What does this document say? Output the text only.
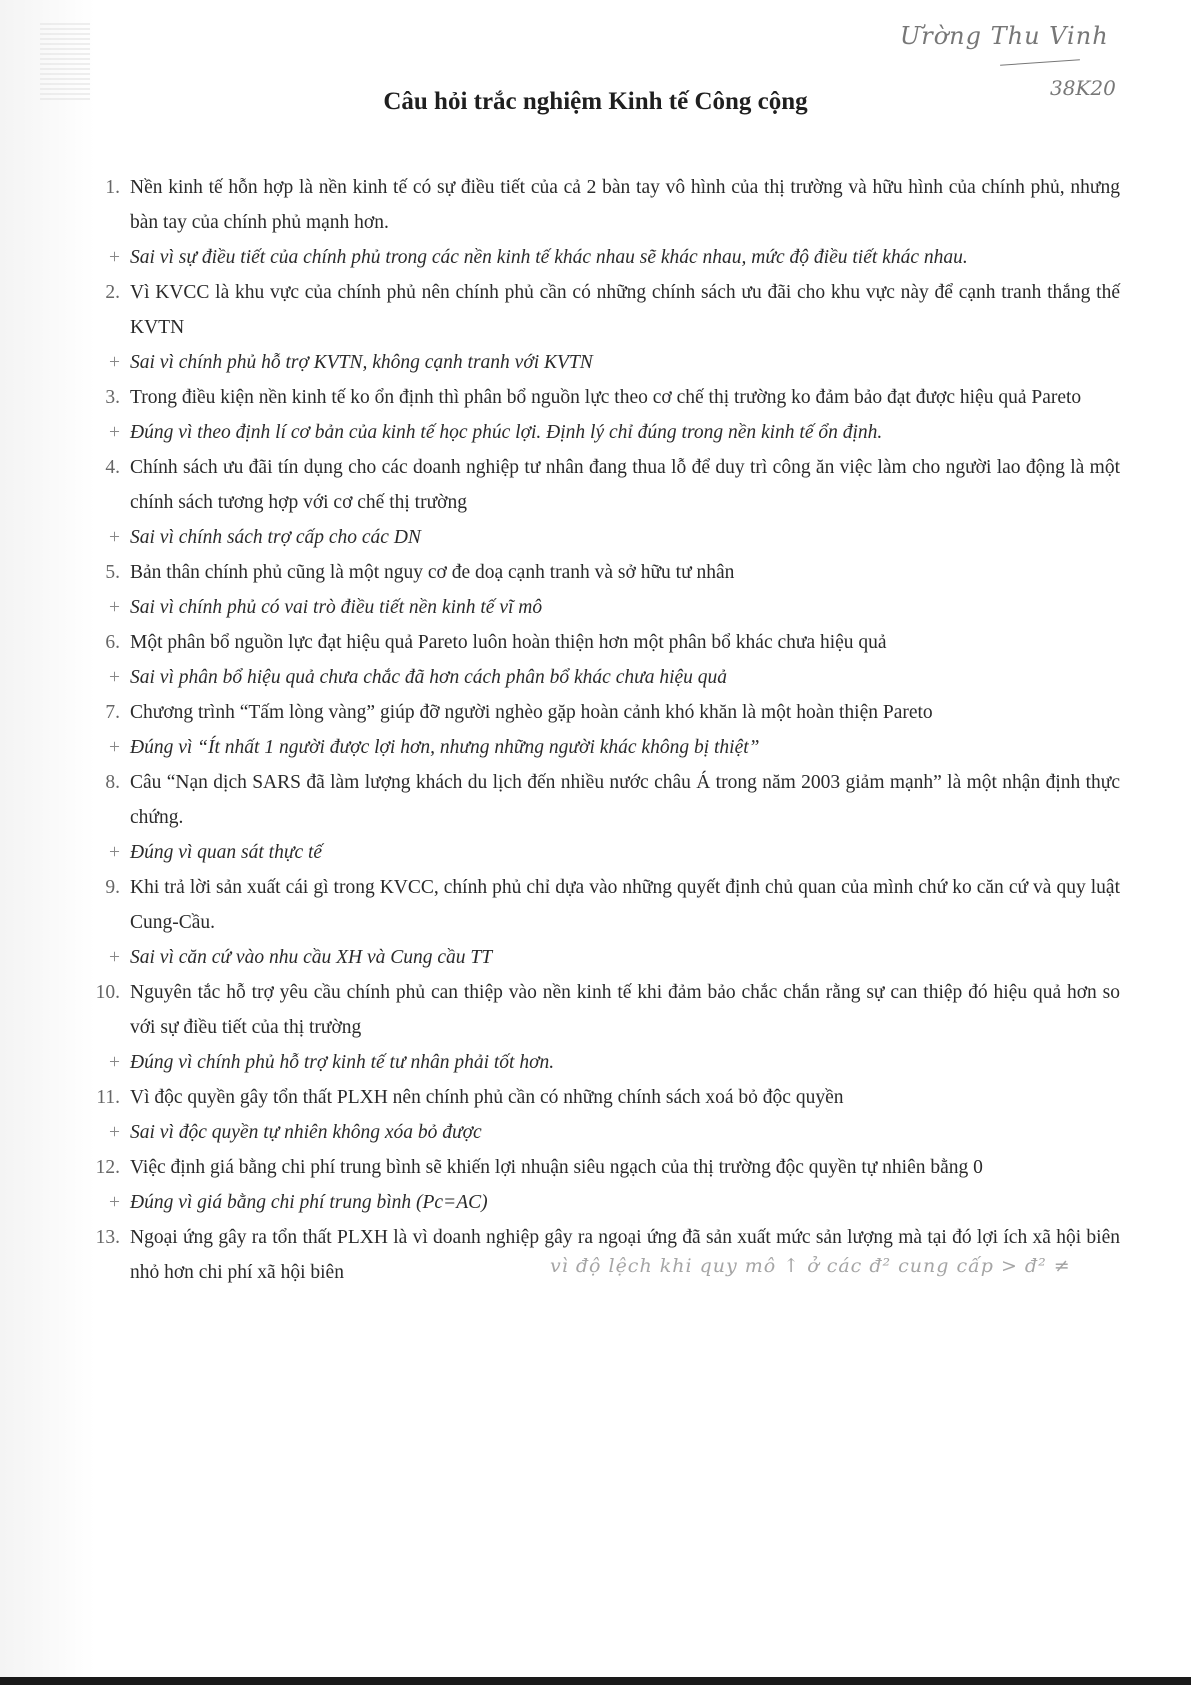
Ưrờng Thu Vinh
38K20
Câu hỏi trắc nghiệm Kinh tế Công cộng
1. Nền kinh tế hỗn hợp là nền kinh tế có sự điều tiết của cả 2 bàn tay vô hình của thị trường và hữu hình của chính phủ, nhưng bàn tay của chính phủ mạnh hơn.
+ Sai vì sự điều tiết của chính phủ trong các nền kinh tế khác nhau sẽ khác nhau, mức độ điều tiết khác nhau.
2. Vì KVCC là khu vực của chính phủ nên chính phủ cần có những chính sách ưu đãi cho khu vực này để cạnh tranh thắng thế KVTN
+ Sai vì chính phủ hỗ trợ KVTN, không cạnh tranh với KVTN
3. Trong điều kiện nền kinh tế ko ổn định thì phân bổ nguồn lực theo cơ chế thị trường ko đảm bảo đạt được hiệu quả Pareto
+ Đúng vì theo định lí cơ bản của kinh tế học phúc lợi. Định lý chỉ đúng trong nền kinh tế ổn định.
4. Chính sách ưu đãi tín dụng cho các doanh nghiệp tư nhân đang thua lỗ để duy trì công ăn việc làm cho người lao động là một chính sách tương hợp với cơ chế thị trường
+ Sai vì chính sách trợ cấp cho các DN
5. Bản thân chính phủ cũng là một nguy cơ đe doạ cạnh tranh và sở hữu tư nhân
+ Sai vì chính phủ có vai trò điều tiết nền kinh tế vĩ mô
6. Một phân bổ nguồn lực đạt hiệu quả Pareto luôn hoàn thiện hơn một phân bổ khác chưa hiệu quả
+ Sai vì phân bổ hiệu quả chưa chắc đã hơn cách phân bổ khác chưa hiệu quả
7. Chương trình “Tấm lòng vàng” giúp đỡ người nghèo gặp hoàn cảnh khó khăn là một hoàn thiện Pareto
+ Đúng vì “Ít nhất 1 người được lợi hơn, nhưng những người khác không bị thiệt”
8. Câu “Nạn dịch SARS đã làm lượng khách du lịch đến nhiều nước châu Á trong năm 2003 giảm mạnh” là một nhận định thực chứng.
+ Đúng vì quan sát thực tế
9. Khi trả lời sản xuất cái gì trong KVCC, chính phủ chỉ dựa vào những quyết định chủ quan của mình chứ ko căn cứ và quy luật Cung-Cầu.
+ Sai vì căn cứ vào nhu cầu XH và Cung cầu TT
10. Nguyên tắc hỗ trợ yêu cầu chính phủ can thiệp vào nền kinh tế khi đảm bảo chắc chắn rằng sự can thiệp đó hiệu quả hơn so với sự điều tiết của thị trường
+ Đúng vì chính phủ hỗ trợ kinh tế tư nhân phải tốt hơn.
11. Vì độc quyền gây tổn thất PLXH nên chính phủ cần có những chính sách xoá bỏ độc quyền
+ Sai vì độc quyền tự nhiên không xóa bỏ được
12. Việc định giá bằng chi phí trung bình sẽ khiến lợi nhuận siêu ngạch của thị trường độc quyền tự nhiên bằng 0
+ Đúng vì giá bằng chi phí trung bình (Pc=AC)
13. Ngoại ứng gây ra tổn thất PLXH là vì doanh nghiệp gây ra ngoại ứng đã sản xuất mức sản lượng mà tại đó lợi ích xã hội biên nhỏ hơn chi phí xã hội biên	vì độ lệch khi quy mô ↑ ở các đ² cung cấp > đ² ≠
